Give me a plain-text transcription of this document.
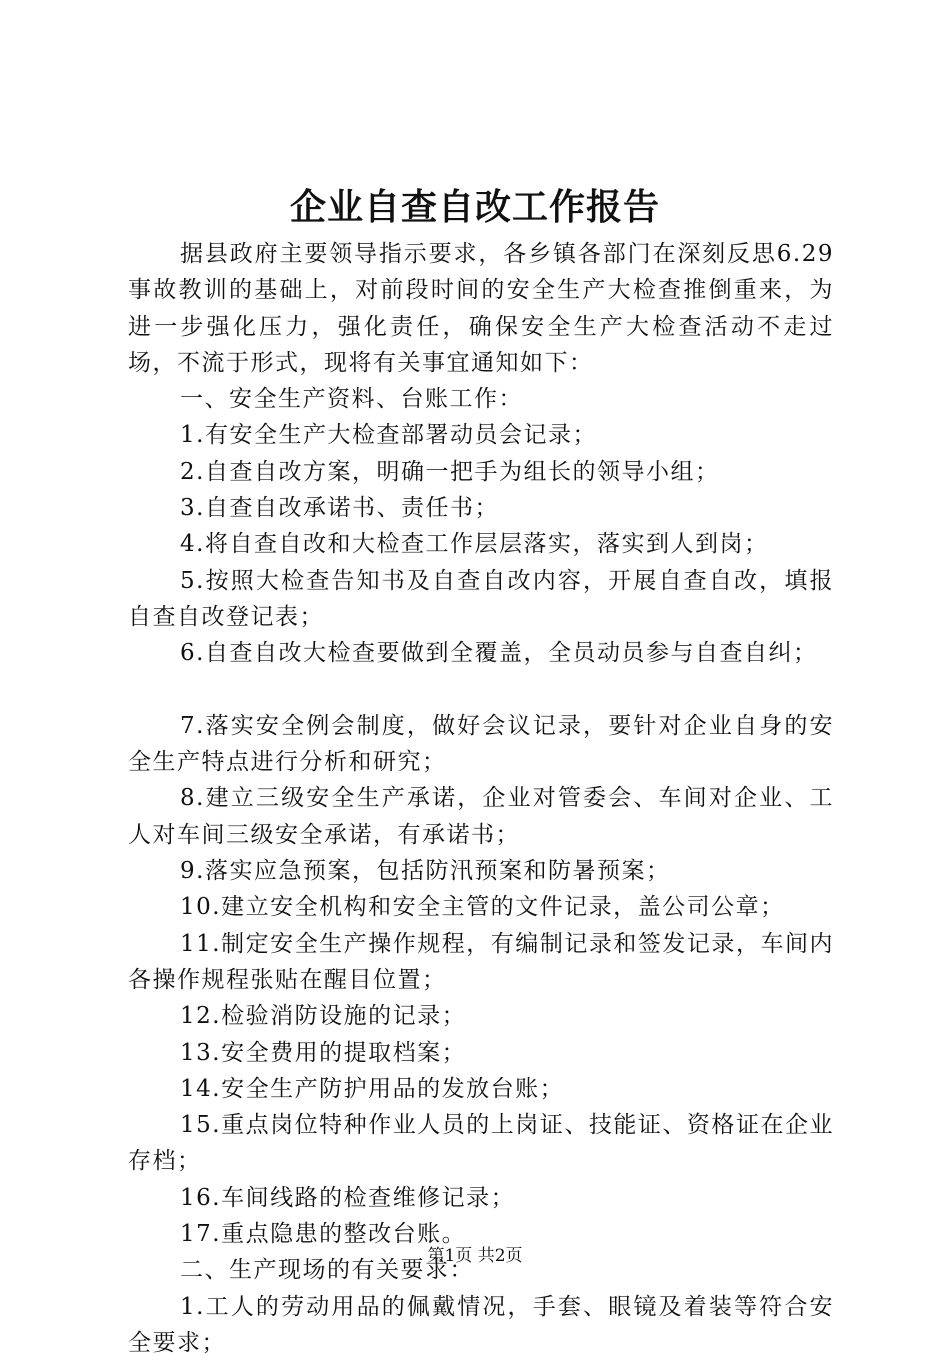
企业自查自改工作报告

据县政府主要领导指示要求，各乡镇各部门在深刻反思6.29事故教训的基础上，对前段时间的安全生产大检查推倒重来，为进一步强化压力，强化责任，确保安全生产大检查活动不走过场，不流于形式，现将有关事宜通知如下：

一、安全生产资料、台账工作：

1.有安全生产大检查部署动员会记录；

2.自查自改方案，明确一把手为组长的领导小组；

3.自查自改承诺书、责任书；

4.将自查自改和大检查工作层层落实，落实到人到岗；

5.按照大检查告知书及自查自改内容，开展自查自改，填报自查自改登记表；

6.自查自改大检查要做到全覆盖，全员动员参与自查自纠；

7.落实安全例会制度，做好会议记录，要针对企业自身的安全生产特点进行分析和研究；

8.建立三级安全生产承诺，企业对管委会、车间对企业、工人对车间三级安全承诺，有承诺书；

9.落实应急预案，包括防汛预案和防暑预案；

10.建立安全机构和安全主管的文件记录，盖公司公章；

11.制定安全生产操作规程，有编制记录和签发记录，车间内各操作规程张贴在醒目位置；

12.检验消防设施的记录；

13.安全费用的提取档案；

14.安全生产防护用品的发放台账；

15.重点岗位特种作业人员的上岗证、技能证、资格证在企业存档；

16.车间线路的检查维修记录；

17.重点隐患的整改台账。

二、生产现场的有关要求：

1.工人的劳动用品的佩戴情况，手套、眼镜及着装等符合安全要求；

第1页 共2页
